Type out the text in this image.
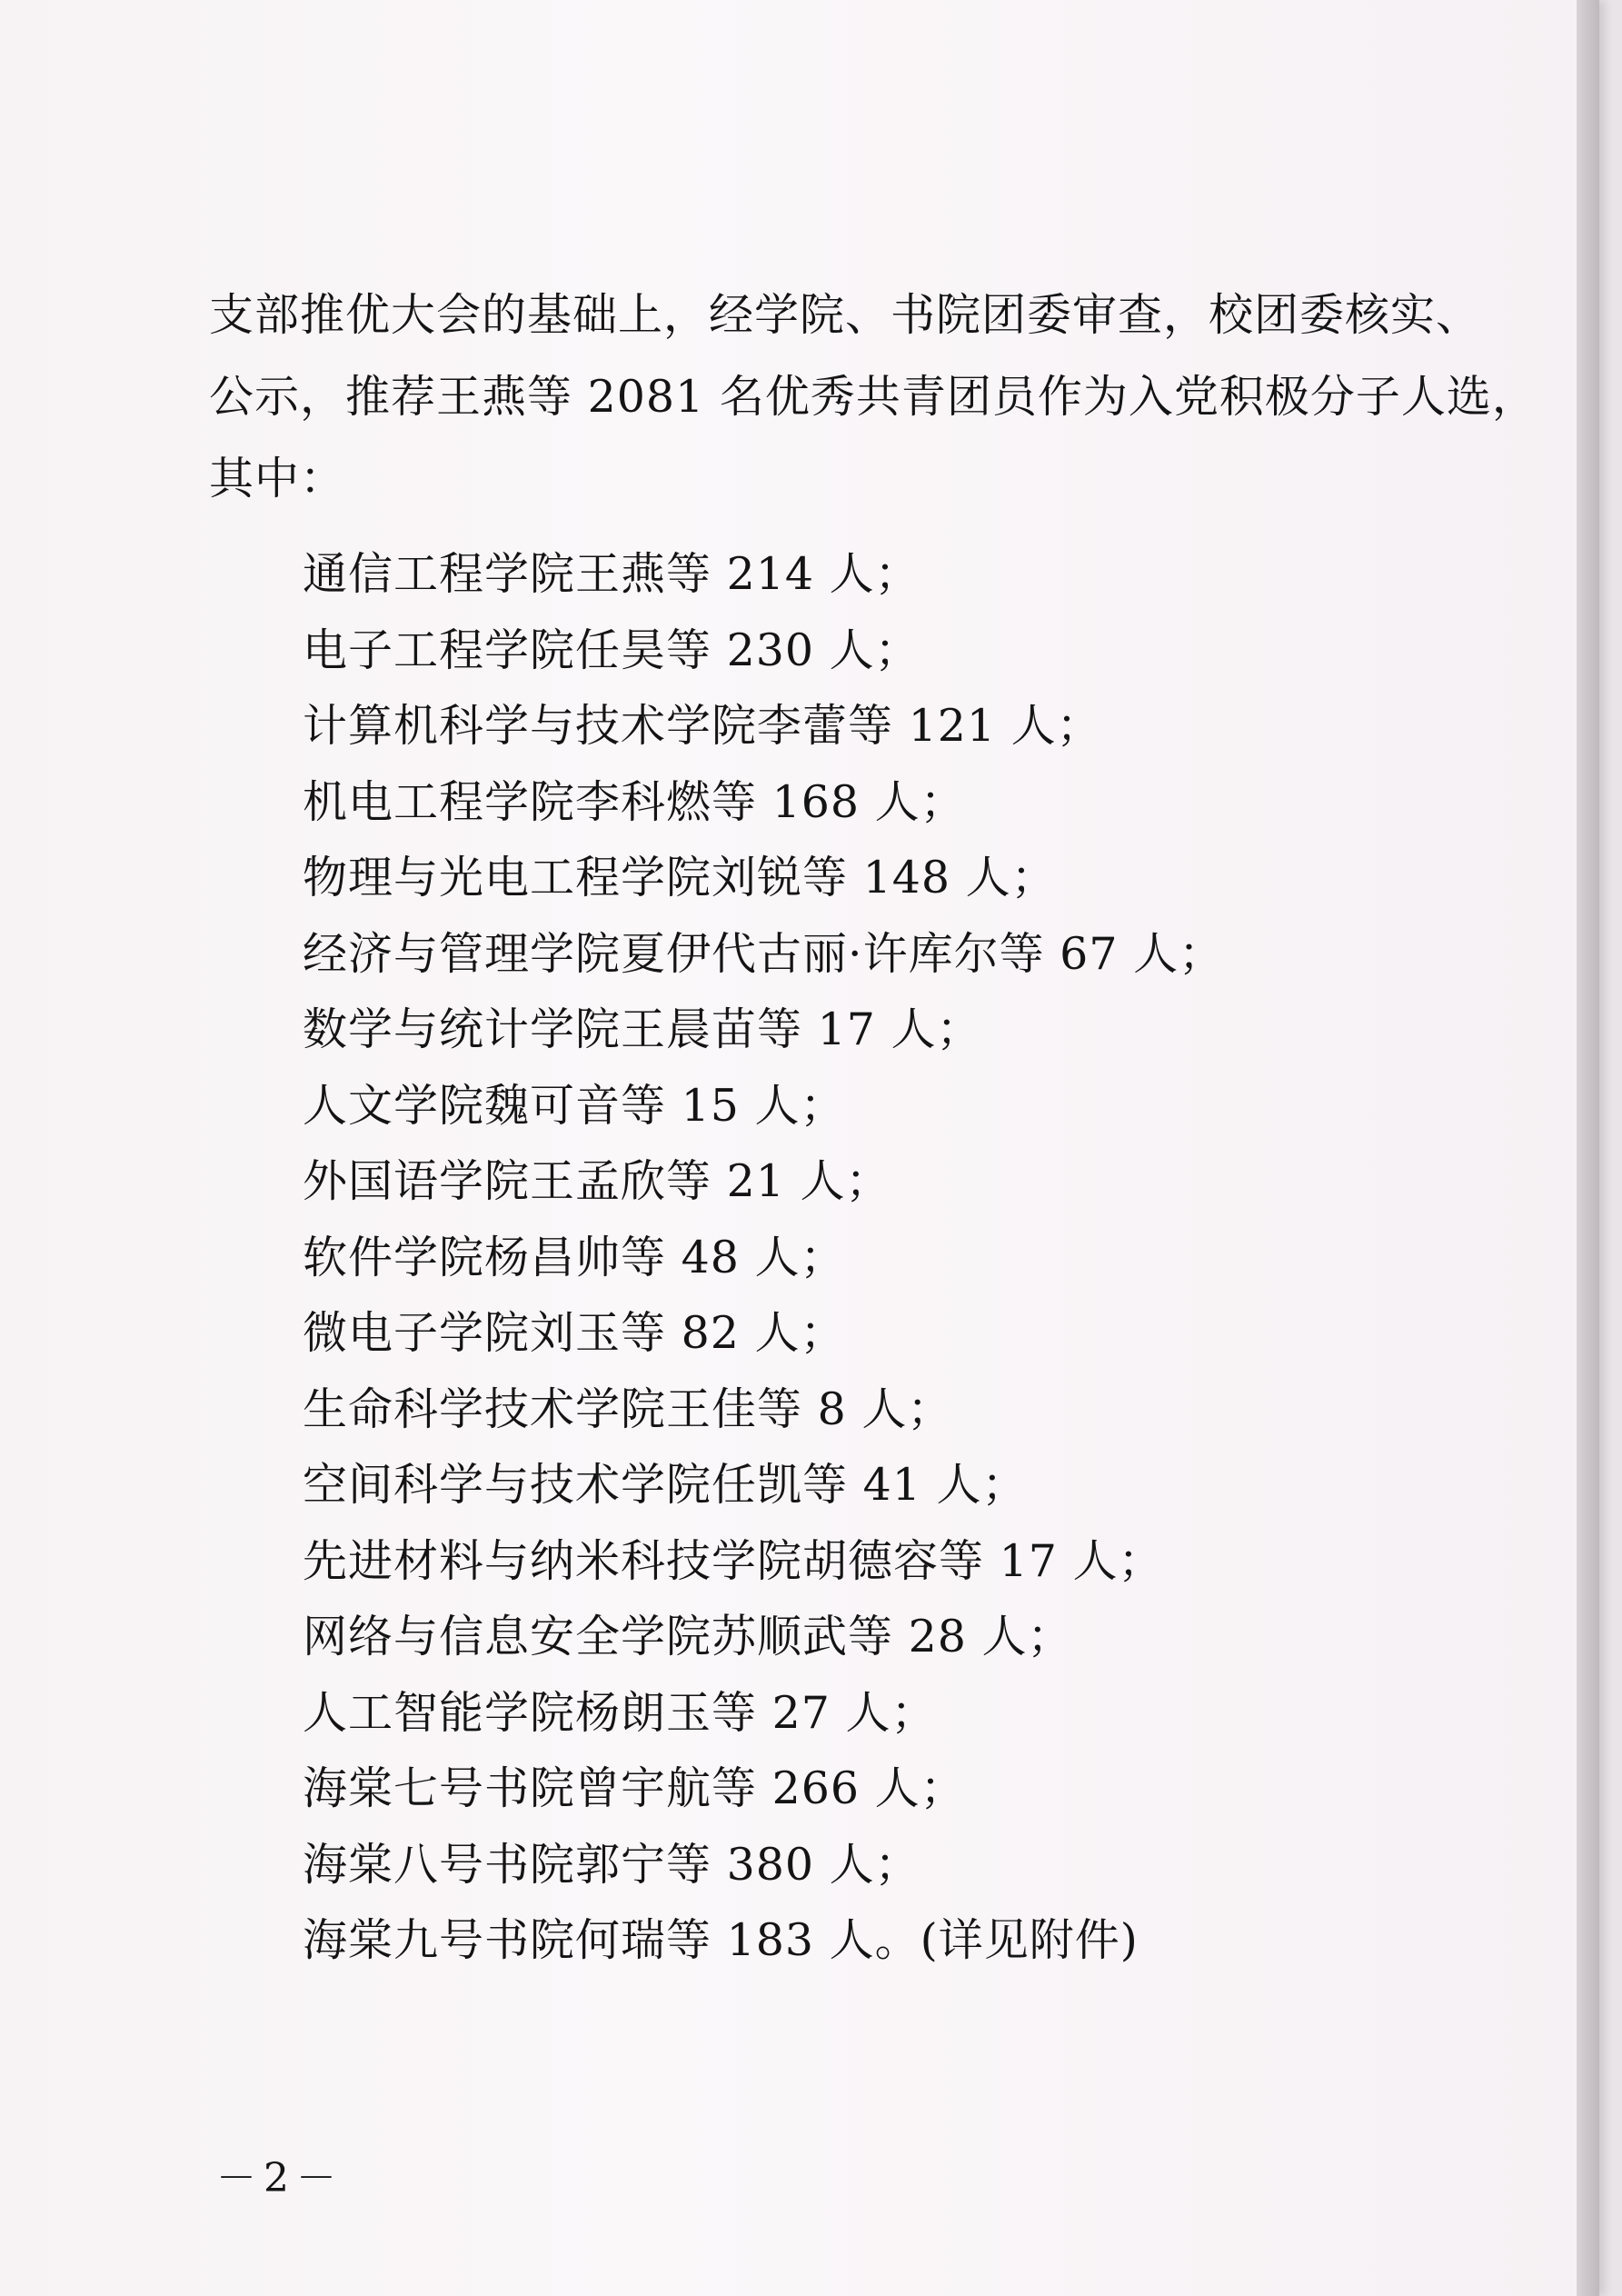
支部推优大会的基础上，经学院、书院团委审查，校团委核实、
公示，推荐王燕等 2081 名优秀共青团员作为入党积极分子人选，
其中：

通信工程学院王燕等 214 人；
电子工程学院任昊等 230 人；
计算机科学与技术学院李蕾等 121 人；
机电工程学院李科燃等 168 人；
物理与光电工程学院刘锐等 148 人；
经济与管理学院夏伊代古丽·许库尔等 67 人；
数学与统计学院王晨苗等 17 人；
人文学院魏可音等 15 人；
外国语学院王孟欣等 21 人；
软件学院杨昌帅等 48 人；
微电子学院刘玉等 82 人；
生命科学技术学院王佳等 8 人；
空间科学与技术学院任凯等 41 人；
先进材料与纳米科技学院胡德容等 17 人；
网络与信息安全学院苏顺武等 28 人；
人工智能学院杨朗玉等 27 人；
海棠七号书院曾宇航等 266 人；
海棠八号书院郭宁等 380 人；
海棠九号书院何瑞等 183 人。(详见附件)
－2－
